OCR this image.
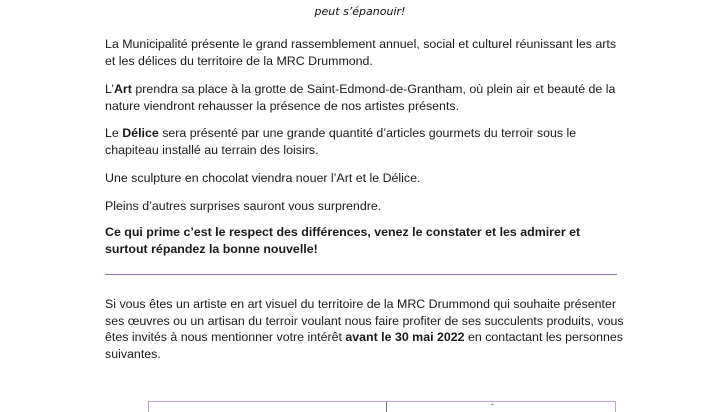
peut s’épanouir!

La Municipalité présente le grand rassemblement annuel, social et culturel réunissant les arts et les délices du territoire de la MRC Drummond.

L’Art prendra sa place à la grotte de Saint-Edmond-de-Grantham, où plein air et beauté de la nature viendront rehausser la présence de nos artistes présents.

Le Délice sera présenté par une grande quantité d’articles gourmets du terroir sous le chapiteau installé au terrain des loisirs.

Une sculpture en chocolat viendra nouer l’Art et le Délice.

Pleins d’autres surprises sauront vous surprendre.

Ce qui prime c’est le respect des différences, venez le constater et les admirer et surtout répandez la bonne nouvelle!

Si vous êtes un artiste en art visuel du territoire de la MRC Drummond qui souhaite présenter ses œuvres ou un artisan du terroir voulant nous faire profiter de ses succulents produits, vous êtes invités à nous mentionner votre intérêt avant le 30 mai 2022 en contactant les personnes suivantes.

ˆ
